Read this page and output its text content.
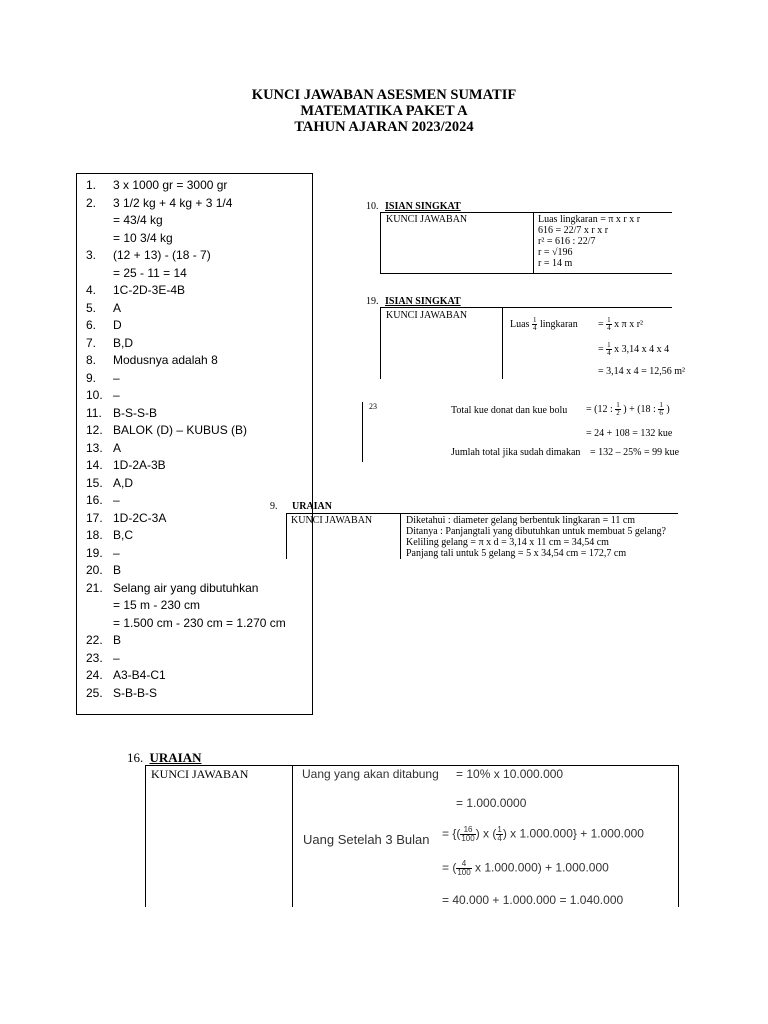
KUNCI JAWABAN ASESMEN SUMATIF
MATEMATIKA PAKET A
TAHUN AJARAN 2023/2024
1.	3 x 1000 gr = 3000 gr
2.	3 1/2 kg + 4 kg + 3 1/4
= 43/4 kg
= 10 3/4 kg
3.	(12 + 13) - (18 - 7)
= 25 - 11 = 14
4.	1C-2D-3E-4B
5.	A
6.	D
7.	B,D
8.	Modusnya adalah 8
9.	–
10. –
11. B-S-S-B
12. BALOK (D) – KUBUS (B)
13. A
14. 1D-2A-3B
15. A,D
16. –
17. 1D-2C-3A
18. B,C
19. –
20. B
21. Selang air yang dibutuhkan
= 15 m - 230 cm
= 1.500 cm - 230 cm = 1.270 cm
22. B
23. –
24. A3-B4-C1
25. S-B-B-S
10. ISIAN SINGKAT
KUNCI JAWABAN	Luas lingkaran = π x r x r
616 = 22/7 x r x r
r² = 616 : 22/7
r = √196
r = 14 m
19. ISIAN SINGKAT
KUNCI JAWABAN
Luas $\frac{1}{4}$ lingkaran = $\frac{1}{4}$ x π x r²
= $\frac{1}{4}$ x 3,14 x 4 x 4
= 3,14 x 4 = 12,56 m²
23	Total kue donat dan kue bolu = (12 : $\frac{1}{2}$ ) + (18 : $\frac{1}{6}$ )
= 24 + 108 = 132 kue
Jumlah total jika sudah dimakan = 132 – 25% = 99 kue
9. URAIAN
KUNCI JAWABAN	Diketahui : diameter gelang berbentuk lingkaran = 11 cm
Ditanya : Panjangtali yang dibutuhkan untuk membuat 5 gelang?
Keliling gelang = π x d = 3,14 x 11 cm = 34,54 cm
Panjang tali untuk 5 gelang = 5 x 34,54 cm = 172,7 cm
16. URAIAN
KUNCI JAWABAN	Uang yang akan ditabung = 10% x 10.000.000
= 1.000.0000
Uang Setelah 3 Bulan = {( $\frac{16}{100}$ ) x ( $\frac{1}{4}$ ) x 1.000.000} + 1.000.000
= ( $\frac{4}{100}$ x 1.000.000) + 1.000.000
= 40.000 + 1.000.000 = 1.040.000
